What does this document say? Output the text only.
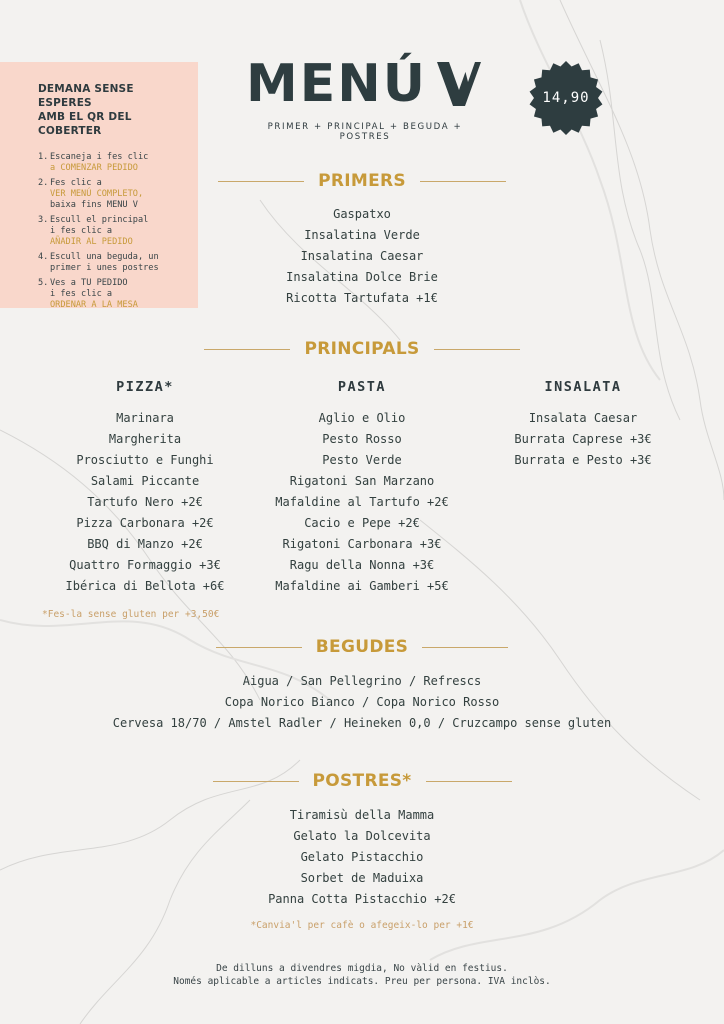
DEMANA SENSE ESPERES
AMB EL QR DEL COBERTER
1. Escaneja i fes clic
a COMENZAR PEDIDO
2. Fes clic a
VER MENÚ COMPLETO,
baixa fins MENU V
3. Escull el principal
i fes clic a
AÑADIR AL PEDIDO
4. Escull una beguda, un
primer i unes postres
5. Ves a TU PEDIDO
i fes clic a
ORDENAR A LA MESA
MENÚ
PRIMER + PRINCIPAL + BEGUDA + POSTRES
14,90
PRIMERS
Gaspatxo
Insalatina Verde
Insalatina Caesar
Insalatina Dolce Brie
Ricotta Tartufata +1€
PRINCIPALS
PIZZA*	PASTA	INSALATA
Marinara
Margherita
Prosciutto e Funghi
Salami Piccante
Tartufo Nero +2€
Pizza Carbonara +2€
BBQ di Manzo +2€
Quattro Formaggio +3€
Ibérica di Bellota +6€
Aglio e Olio
Pesto Rosso
Pesto Verde
Rigatoni San Marzano
Mafaldine al Tartufo +2€
Cacio e Pepe +2€
Rigatoni Carbonara +3€
Ragu della Nonna +3€
Mafaldine ai Gamberi +5€
Insalata Caesar
Burrata Caprese +3€
Burrata e Pesto +3€
*Fes-la sense gluten per +3,50€
BEGUDES
Aigua / San Pellegrino / Refrescs
Copa Norico Bianco / Copa Norico Rosso
Cervesa 18/70 / Amstel Radler / Heineken 0,0 / Cruzcampo sense gluten
POSTRES*
Tiramisù della Mamma
Gelato la Dolcevita
Gelato Pistacchio
Sorbet de Maduixa
Panna Cotta Pistacchio +2€
*Canvia'l per cafè o afegeix-lo per +1€
De dilluns a divendres migdia, No vàlid en festius.
Només aplicable a articles indicats. Preu per persona. IVA inclòs.
